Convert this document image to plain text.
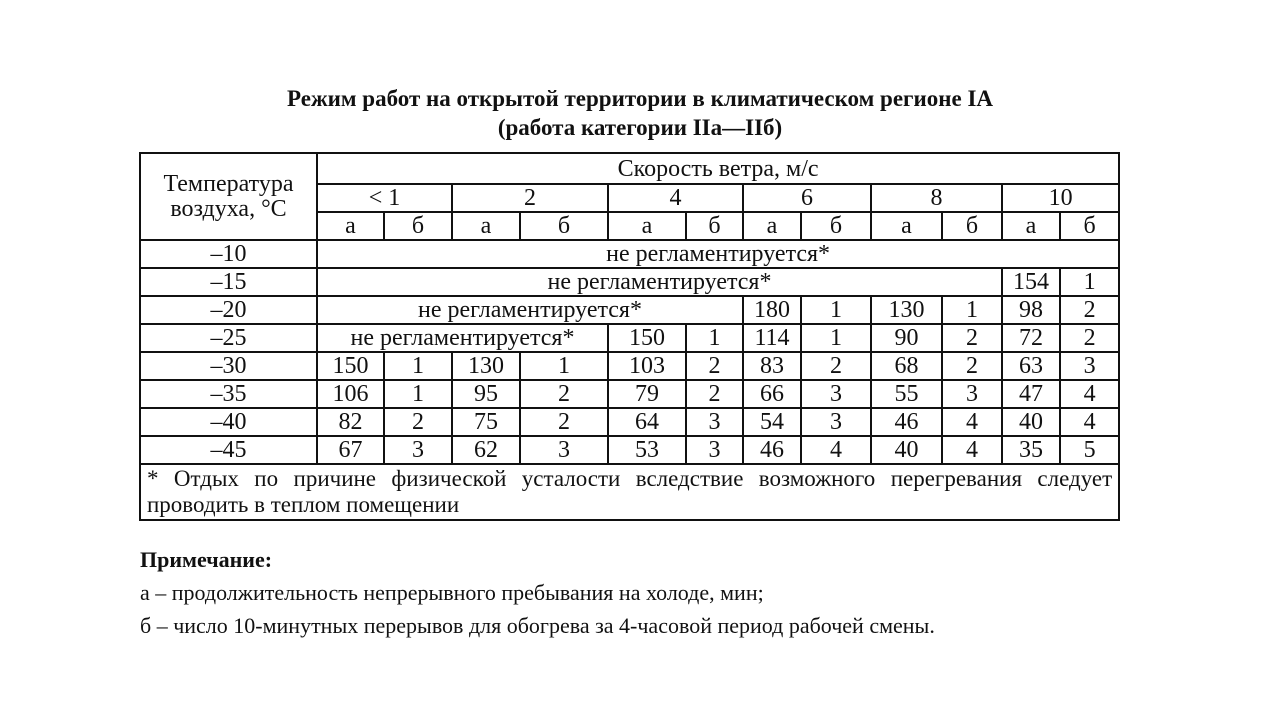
Режим работ на открытой территории в климатическом регионе IA
(работа категории IIa—IIб)
Температура воздуха, °С	Скорость ветра, м/с											
	< 1		2		4		6		8		10	
	а	б	а	б	а	б	а	б	а	б	а	б
–10	не регламентируется*											
–15	не регламентируется*										154	1
–20	не регламентируется*						180	1	130	1	98	2
–25	не регламентируется*				150	1	114	1	90	2	72	2
–30	150	1	130	1	103	2	83	2	68	2	63	3
–35	106	1	95	2	79	2	66	3	55	3	47	4
–40	82	2	75	2	64	3	54	3	46	4	40	4
–45	67	3	62	3	53	3	46	4	40	4	35	5
* Отдых по причине физической усталости вследствие возможного перегревания следует проводить в теплом помещении												
Примечание:
а – продолжительность непрерывного пребывания на холоде, мин;
б – число 10-минутных перерывов для обогрева за 4-часовой период рабочей смены.
